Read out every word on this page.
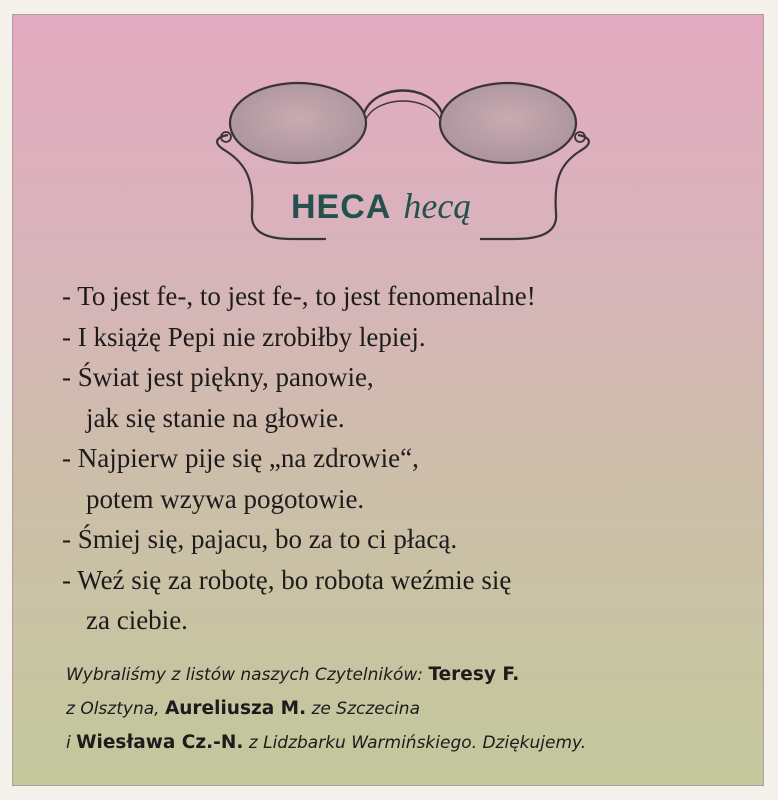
HECA hecą
- To jest fe-, to jest fe-, to jest fenomenalne!
- I książę Pepi nie zrobiłby lepiej.
- Świat jest piękny, panowie,
jak się stanie na głowie.
- Najpierw pije się „na zdrowie“,
potem wzywa pogotowie.
- Śmiej się, pajacu, bo za to ci płacą.
- Weź się za robotę, bo robota weźmie się
za ciebie.
Wybraliśmy z listów naszych Czytelników: Teresy F.
z Olsztyna, Aureliusza M. ze Szczecina
i Wiesława Cz.-N. z Lidzbarku Warmińskiego. Dziękujemy.
